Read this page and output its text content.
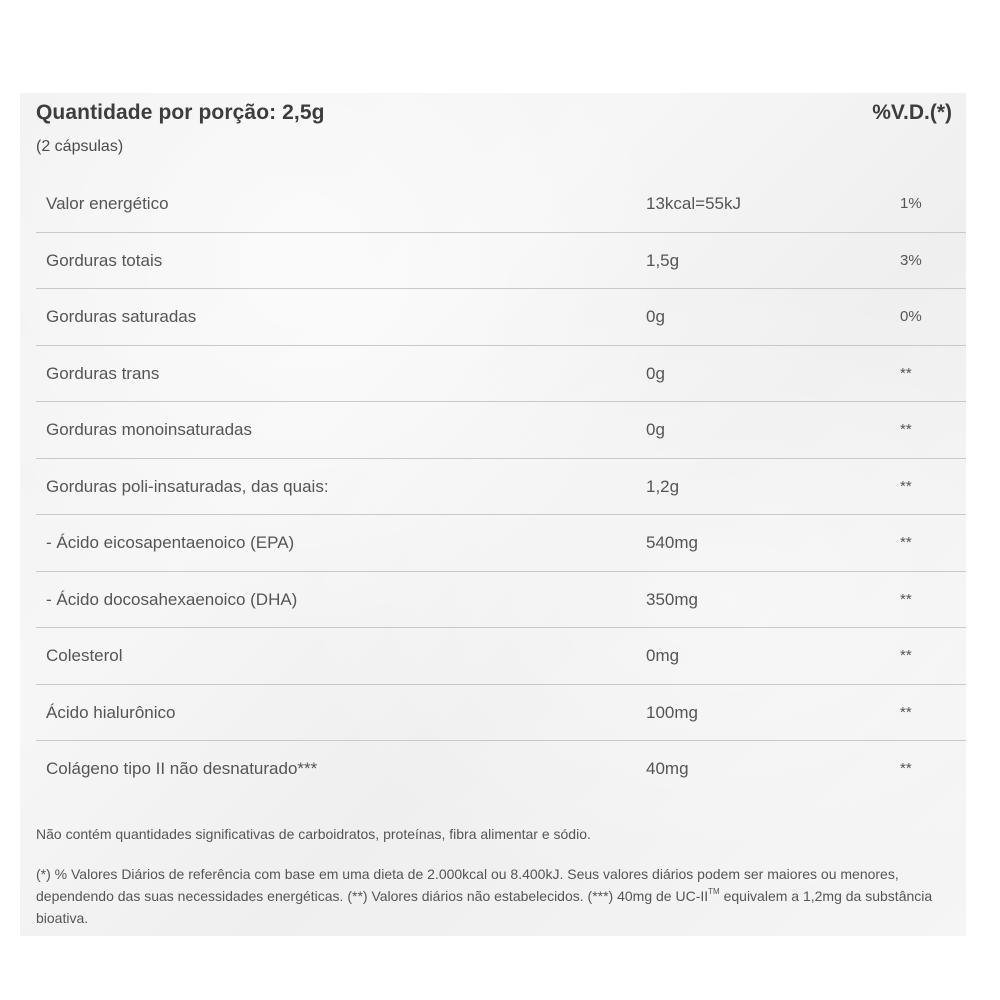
Quantidade por porção: 2,5g	%V.D.(*)
(2 cápsulas)
Valor energético	13kcal=55kJ	1%
Gorduras totais	1,5g	3%
Gorduras saturadas	0g	0%
Gorduras trans	0g	**
Gorduras monoinsaturadas	0g	**
Gorduras poli-insaturadas, das quais:	1,2g	**
- Ácido eicosapentaenoico (EPA)	540mg	**
- Ácido docosahexaenoico (DHA)	350mg	**
Colesterol	0mg	**
Ácido hialurônico	100mg	**
Colágeno tipo II não desnaturado***	40mg	**

Não contém quantidades significativas de carboidratos, proteínas, fibra alimentar e sódio.

(*) % Valores Diários de referência com base em uma dieta de 2.000kcal ou 8.400kJ. Seus valores diários podem ser maiores ou menores, dependendo das suas necessidades energéticas. (**) Valores diários não estabelecidos. (***) 40mg de UC-II™ equivalem a 1,2mg da substância bioativa.
